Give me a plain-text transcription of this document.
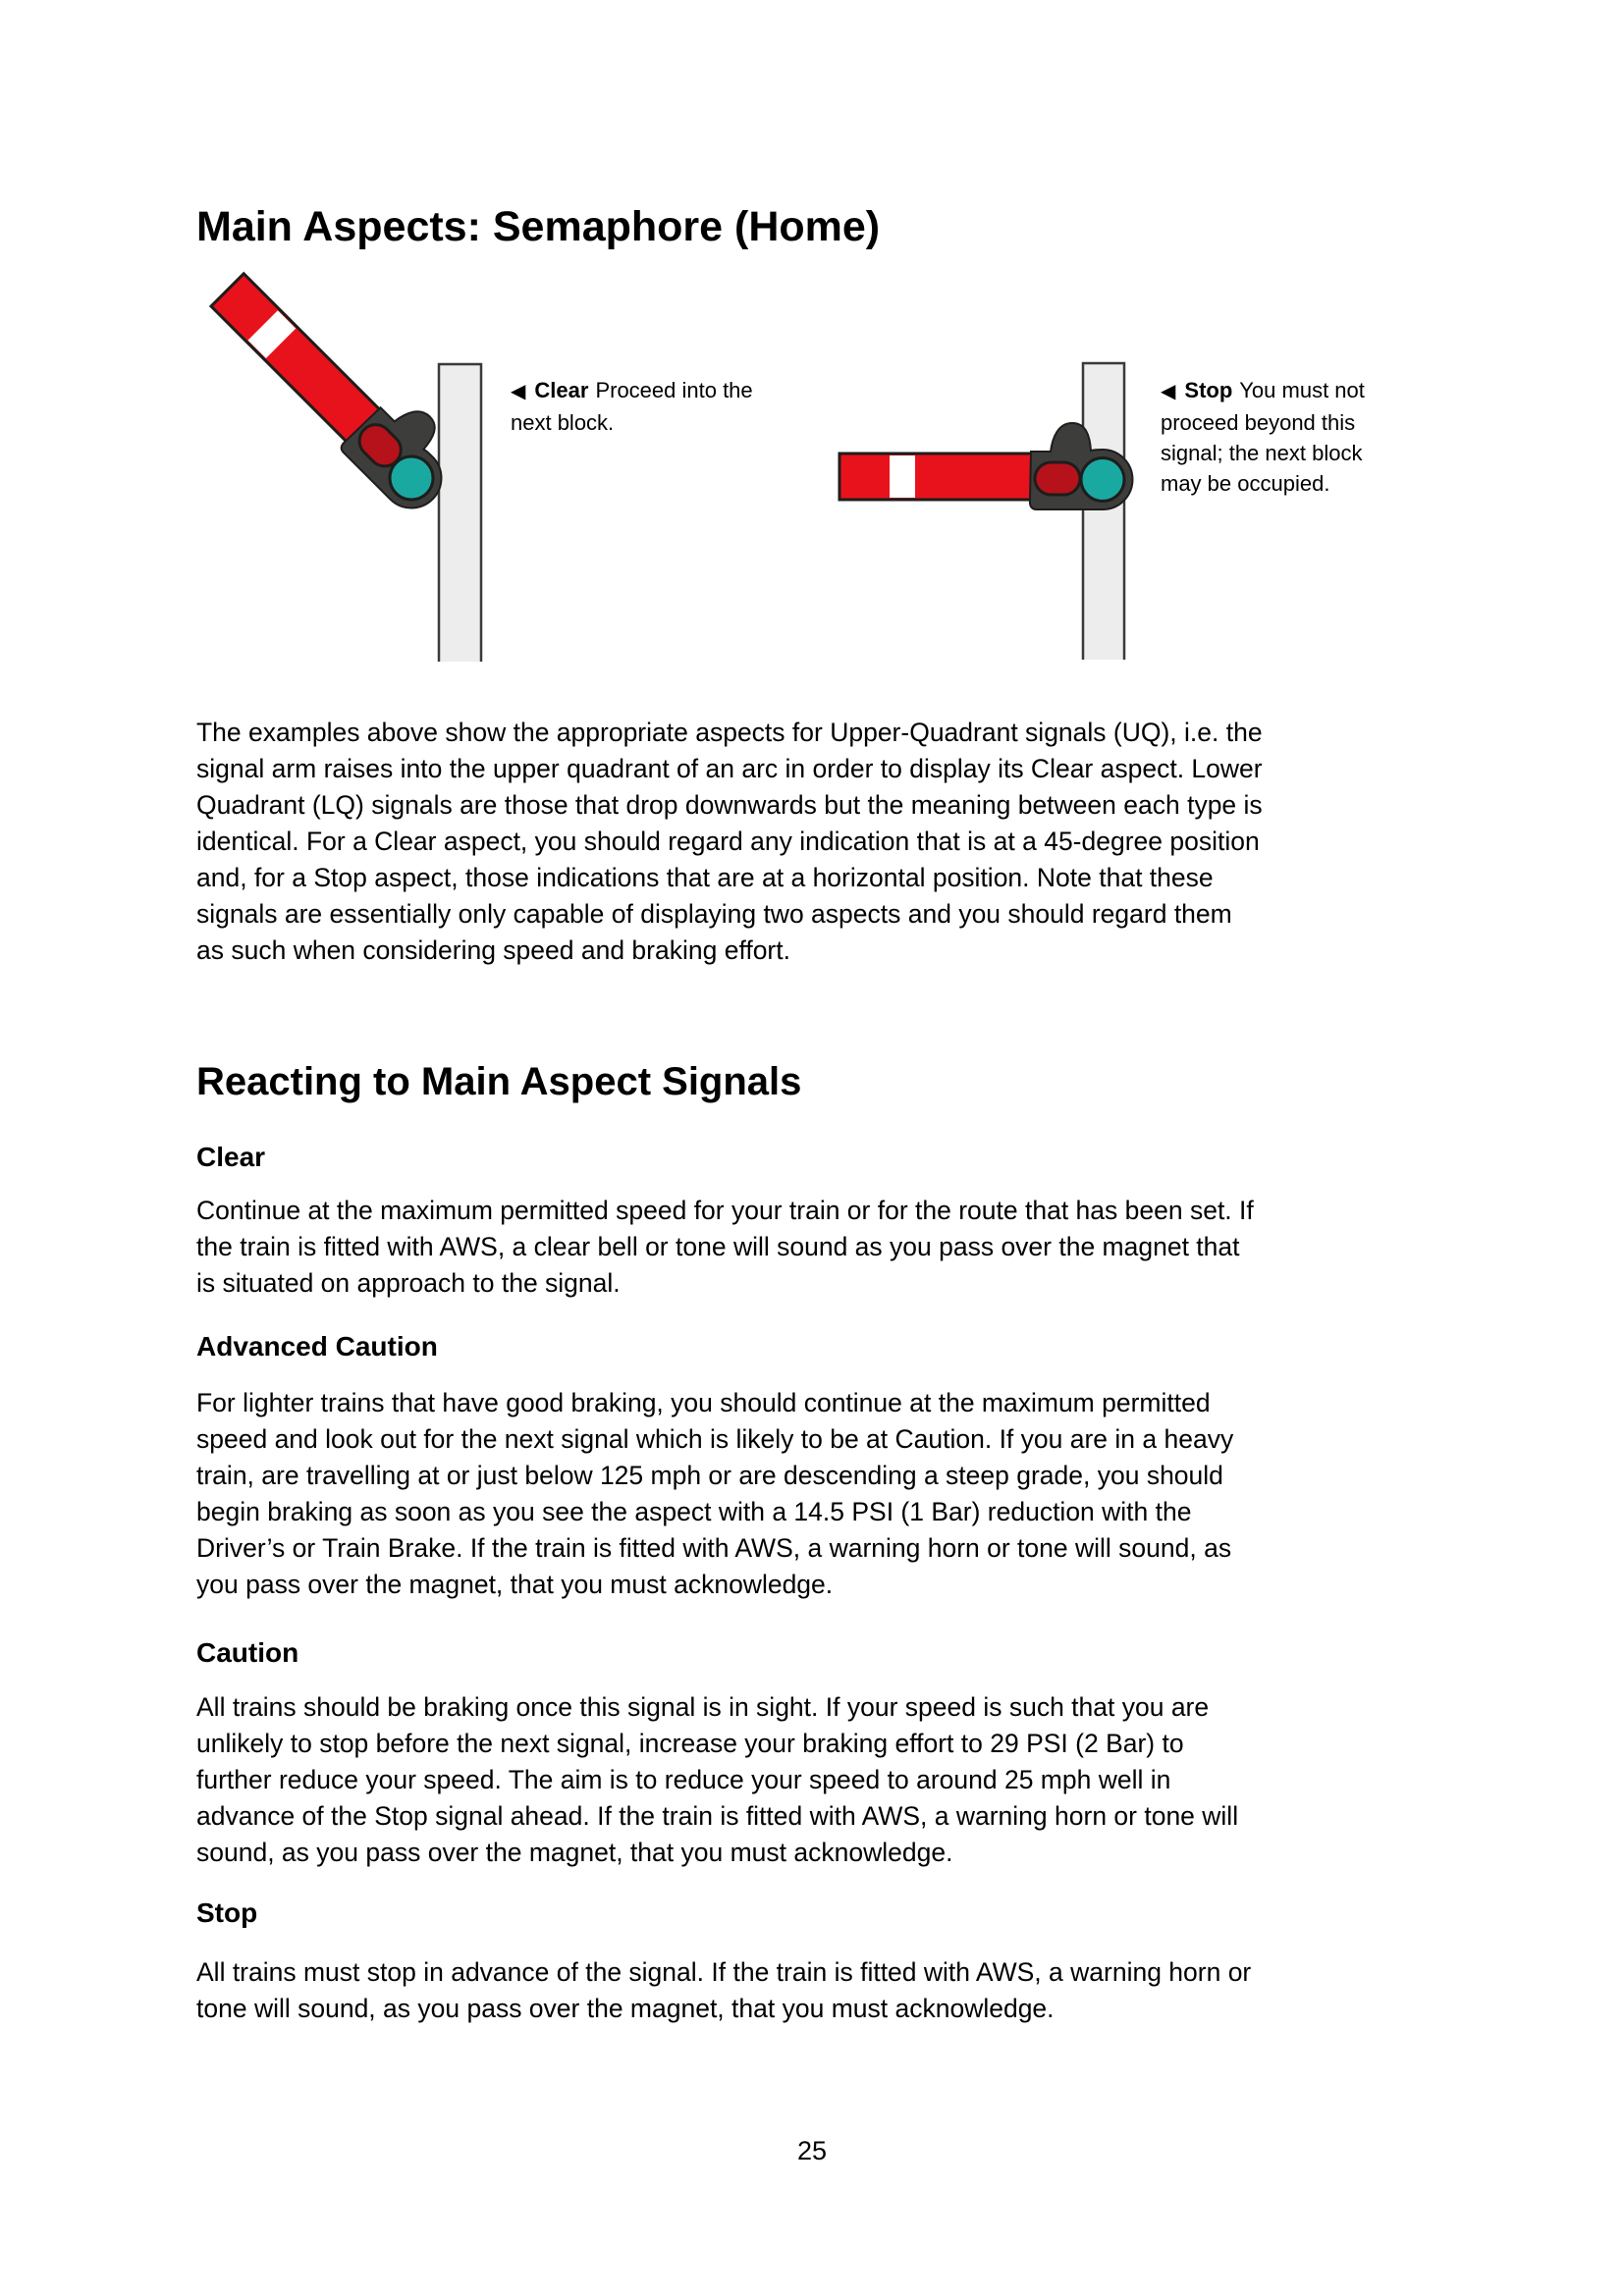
Main Aspects: Semaphore (Home)
◀ Clear Proceed into the
next block.
◀ Stop You must not
proceed beyond this
signal; the next block
may be occupied.
The examples above show the appropriate aspects for Upper-Quadrant signals (UQ), i.e. the
signal arm raises into the upper quadrant of an arc in order to display its Clear aspect. Lower
Quadrant (LQ) signals are those that drop downwards but the meaning between each type is
identical. For a Clear aspect, you should regard any indication that is at a 45-degree position
and, for a Stop aspect, those indications that are at a horizontal position. Note that these
signals are essentially only capable of displaying two aspects and you should regard them
as such when considering speed and braking effort.
Reacting to Main Aspect Signals
Clear
Continue at the maximum permitted speed for your train or for the route that has been set. If
the train is fitted with AWS, a clear bell or tone will sound as you pass over the magnet that
is situated on approach to the signal.
Advanced Caution
For lighter trains that have good braking, you should continue at the maximum permitted
speed and look out for the next signal which is likely to be at Caution. If you are in a heavy
train, are travelling at or just below 125 mph or are descending a steep grade, you should
begin braking as soon as you see the aspect with a 14.5 PSI (1 Bar) reduction with the
Driver’s or Train Brake. If the train is fitted with AWS, a warning horn or tone will sound, as
you pass over the magnet, that you must acknowledge.
Caution
All trains should be braking once this signal is in sight. If your speed is such that you are
unlikely to stop before the next signal, increase your braking effort to 29 PSI (2 Bar) to
further reduce your speed. The aim is to reduce your speed to around 25 mph well in
advance of the Stop signal ahead. If the train is fitted with AWS, a warning horn or tone will
sound, as you pass over the magnet, that you must acknowledge.
Stop
All trains must stop in advance of the signal. If the train is fitted with AWS, a warning horn or
tone will sound, as you pass over the magnet, that you must acknowledge.
25
